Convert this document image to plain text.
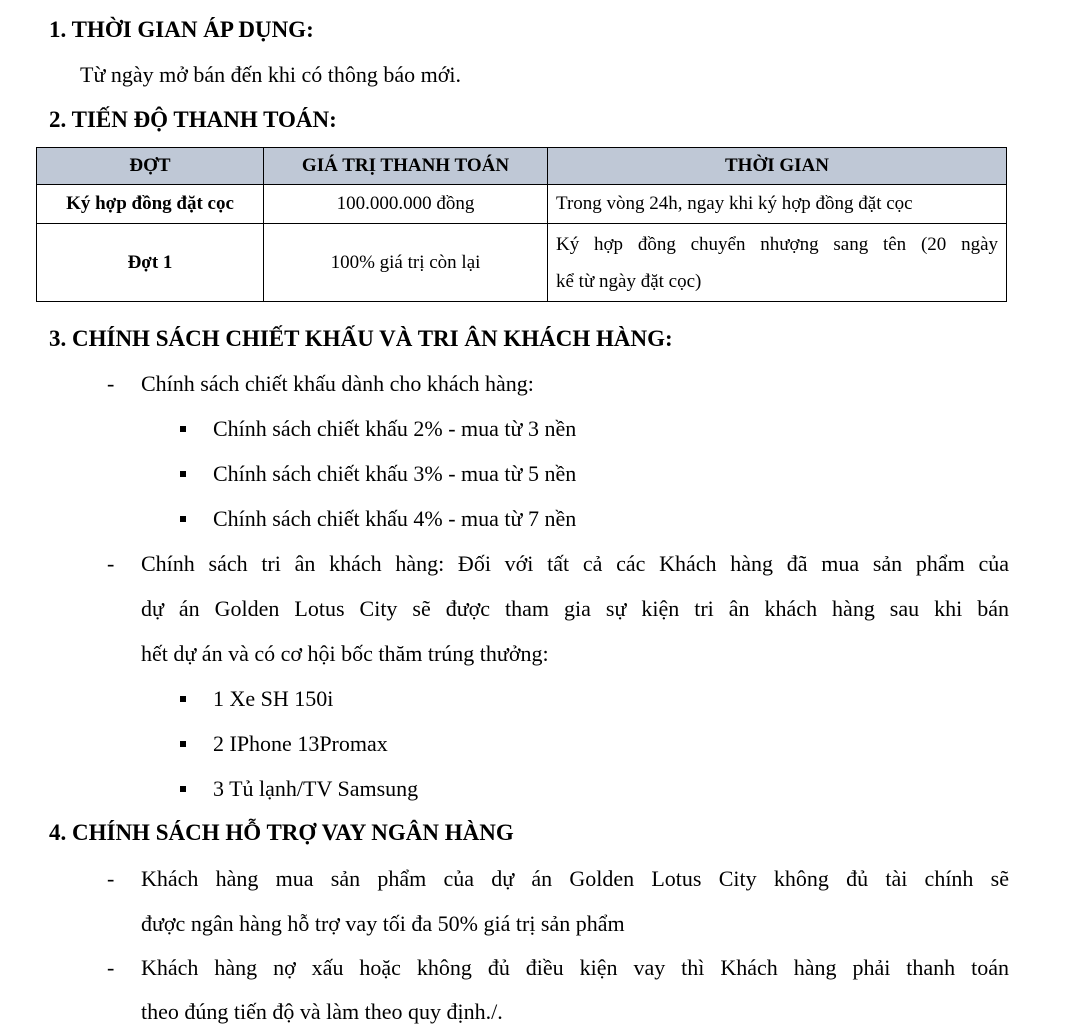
1. THỜI GIAN ÁP DỤNG:
Từ ngày mở bán đến khi có thông báo mới.
2. TIẾN ĐỘ THANH TOÁN:
ĐỢT	GIÁ TRỊ THANH TOÁN	THỜI GIAN
Ký hợp đồng đặt cọc	100.000.000 đồng	Trong vòng 24h, ngay khi ký hợp đồng đặt cọc
Đợt 1	100% giá trị còn lại	Ký hợp đồng chuyển nhượng sang tên (20 ngày
kể từ ngày đặt cọc)
3. CHÍNH SÁCH CHIẾT KHẤU VÀ TRI ÂN KHÁCH HÀNG:
- Chính sách chiết khấu dành cho khách hàng:
Chính sách chiết khấu 2% - mua từ 3 nền
Chính sách chiết khấu 3% - mua từ 5 nền
Chính sách chiết khấu 4% - mua từ 7 nền
- Chính sách tri ân khách hàng: Đối với tất cả các Khách hàng đã mua sản phẩm của
dự án Golden Lotus City sẽ được tham gia sự kiện tri ân khách hàng sau khi bán
hết dự án và có cơ hội bốc thăm trúng thưởng:
1 Xe SH 150i
2 IPhone 13Promax
3 Tủ lạnh/TV Samsung
4. CHÍNH SÁCH HỖ TRỢ VAY NGÂN HÀNG
- Khách hàng mua sản phẩm của dự án Golden Lotus City không đủ tài chính sẽ
được ngân hàng hỗ trợ vay tối đa 50% giá trị sản phẩm
- Khách hàng nợ xấu hoặc không đủ điều kiện vay thì Khách hàng phải thanh toán
theo đúng tiến độ và làm theo quy định./.
